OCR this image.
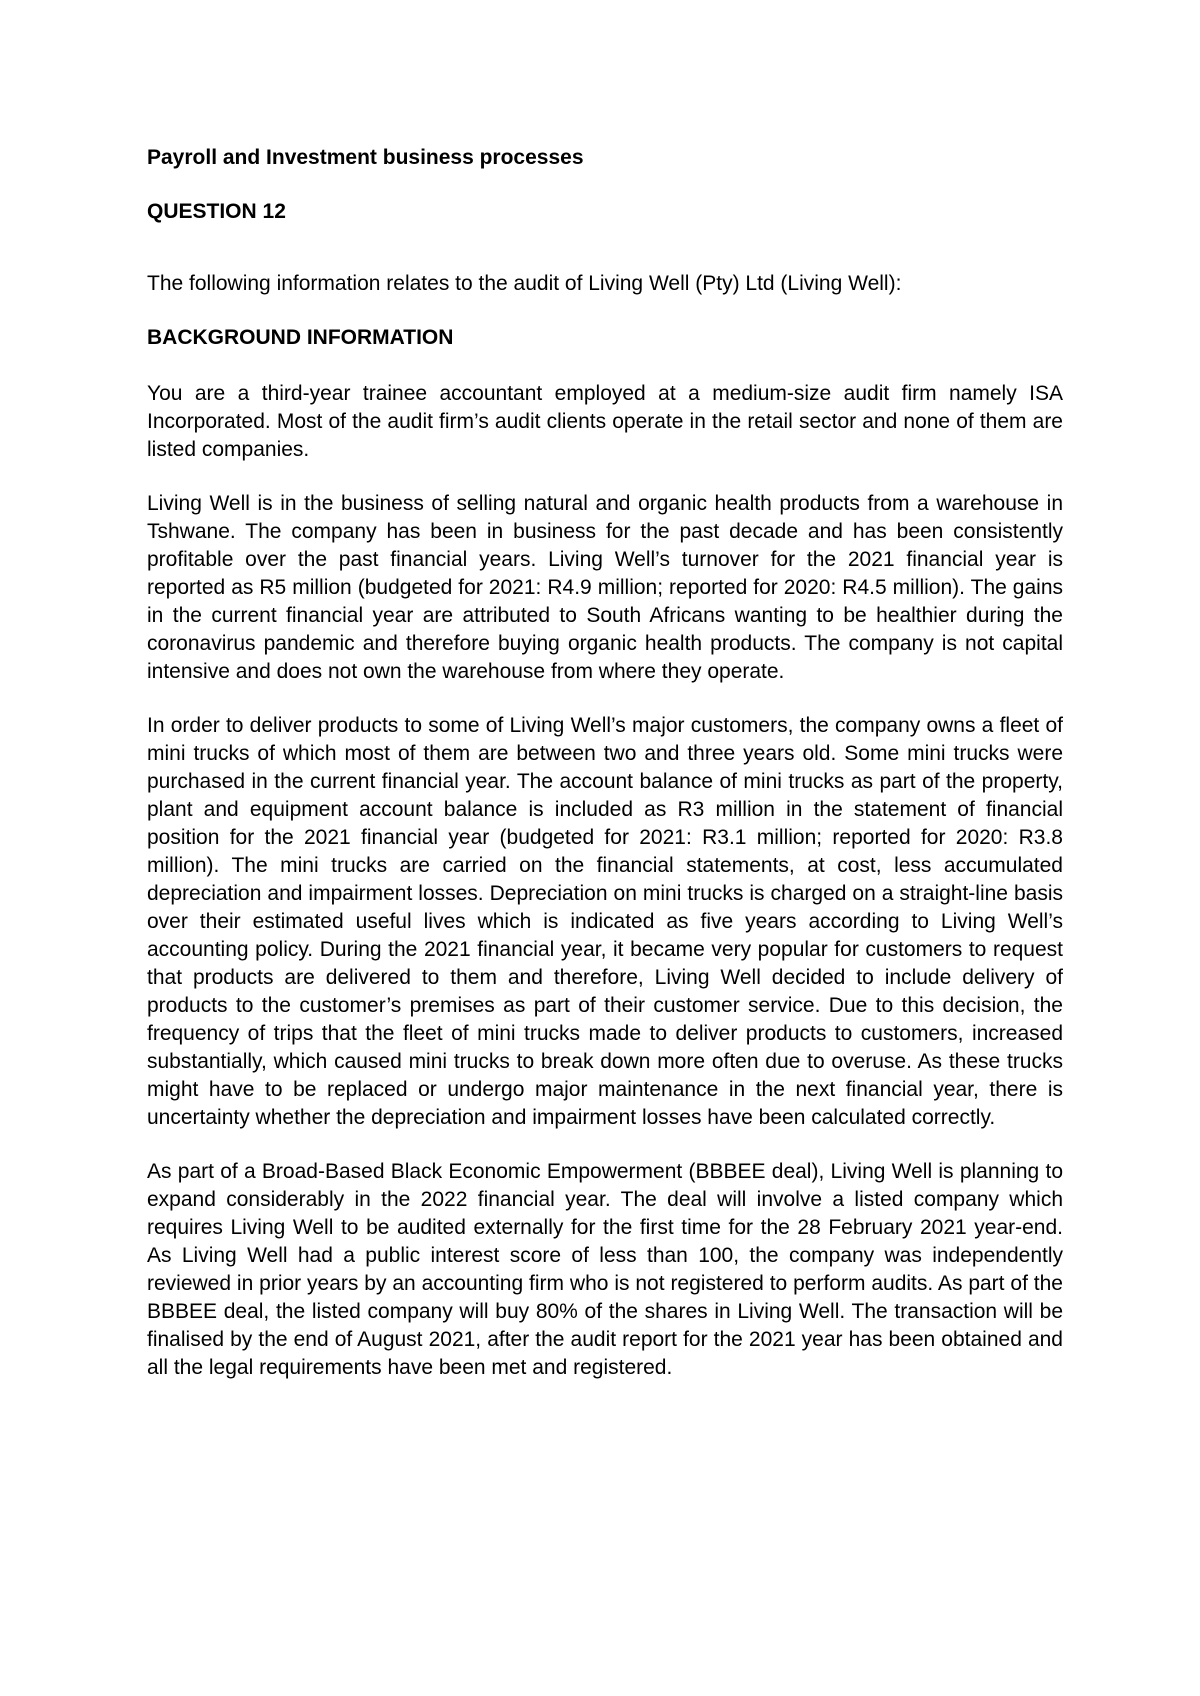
Payroll and Investment business processes

QUESTION 12

The following information relates to the audit of Living Well (Pty) Ltd (Living Well):

BACKGROUND INFORMATION

You are a third-year trainee accountant employed at a medium-size audit firm namely ISA Incorporated. Most of the audit firm’s audit clients operate in the retail sector and none of them are listed companies.

Living Well is in the business of selling natural and organic health products from a warehouse in Tshwane. The company has been in business for the past decade and has been consistently profitable over the past financial years. Living Well’s turnover for the 2021 financial year is reported as R5 million (budgeted for 2021: R4.9 million; reported for 2020: R4.5 million). The gains in the current financial year are attributed to South Africans wanting to be healthier during the coronavirus pandemic and therefore buying organic health products. The company is not capital intensive and does not own the warehouse from where they operate.

In order to deliver products to some of Living Well’s major customers, the company owns a fleet of mini trucks of which most of them are between two and three years old. Some mini trucks were purchased in the current financial year. The account balance of mini trucks as part of the property, plant and equipment account balance is included as R3 million in the statement of financial position for the 2021 financial year (budgeted for 2021: R3.1 million; reported for 2020: R3.8 million). The mini trucks are carried on the financial statements, at cost, less accumulated depreciation and impairment losses. Depreciation on mini trucks is charged on a straight-line basis over their estimated useful lives which is indicated as five years according to Living Well’s accounting policy. During the 2021 financial year, it became very popular for customers to request that products are delivered to them and therefore, Living Well decided to include delivery of products to the customer’s premises as part of their customer service. Due to this decision, the frequency of trips that the fleet of mini trucks made to deliver products to customers, increased substantially, which caused mini trucks to break down more often due to overuse. As these trucks might have to be replaced or undergo major maintenance in the next financial year, there is uncertainty whether the depreciation and impairment losses have been calculated correctly.

As part of a Broad-Based Black Economic Empowerment (BBBEE deal), Living Well is planning to expand considerably in the 2022 financial year. The deal will involve a listed company which requires Living Well to be audited externally for the first time for the 28 February 2021 year-end. As Living Well had a public interest score of less than 100, the company was independently reviewed in prior years by an accounting firm who is not registered to perform audits. As part of the BBBEE deal, the listed company will buy 80% of the shares in Living Well. The transaction will be finalised by the end of August 2021, after the audit report for the 2021 year has been obtained and all the legal requirements have been met and registered.
